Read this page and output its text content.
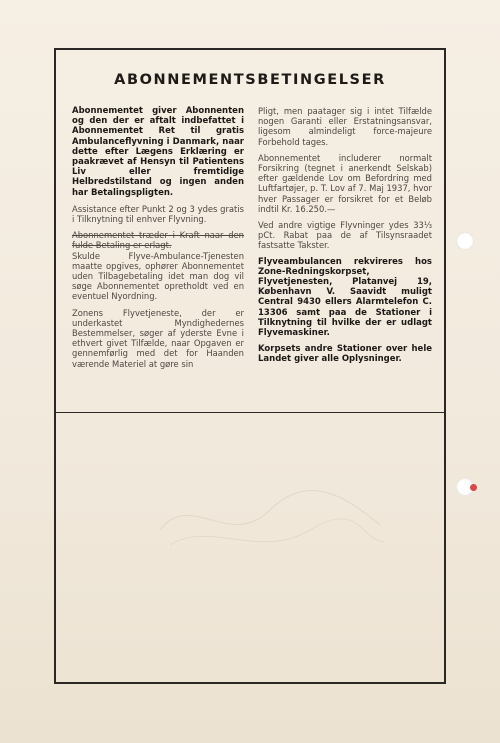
ABONNEMENTSBETINGELSER

Abonnementet giver Abonnenten og den der er aftalt indbefattet i Abonnementet Ret til gratis Ambulanceflyvning i Danmark, naar dette efter Lægens Erklæring er paakrævet af Hensyn til Patientens Liv eller fremtidige Helbredstilstand og ingen anden har Betalingspligten.

Assistance efter Punkt 2 og 3 ydes gratis i Tilknytning til enhver Flyvning.

Abonnementet træder i Kraft naar den fulde Betaling er erlagt.

Skulde Flyve-Ambulance-Tjenesten maatte opgives, ophører Abonnementet uden Tilbagebetaling idet man dog vil søge Abonnementet opretholdt ved en eventuel Nyordning.

Zonens Flyvetjeneste, der er underkastet Myndighedernes Bestemmelser, søger af yderste Evne i ethvert givet Tilfælde, naar Opgaven er gennemførlig med det for Haanden værende Materiel at gøre sin

Pligt, men paatager sig i intet Tilfælde nogen Garanti eller Erstatningsansvar, ligesom almindeligt force-majeure Forbehold tages.

Abonnementet includerer normalt Forsikring (tegnet i anerkendt Selskab) efter gældende Lov om Befordring med Luftfartøjer, p. T. Lov af 7. Maj 1937, hvor hver Passager er forsikret for et Beløb indtil Kr. 16.250.—

Ved andre vigtige Flyvninger ydes 33⅓ pCt. Rabat paa de af Tilsynsraadet fastsatte Takster.

Flyveambulancen rekvireres hos Zone-Redningskorpset, Flyvetjenesten, Platanvej 19, København V. Saavidt muligt Central 9430 ellers Alarmtelefon C. 13306 samt paa de Stationer i Tilknytning til hvilke der er udlagt Flyvemaskiner.

Korpsets andre Stationer over hele Landet giver alle Oplysninger.
